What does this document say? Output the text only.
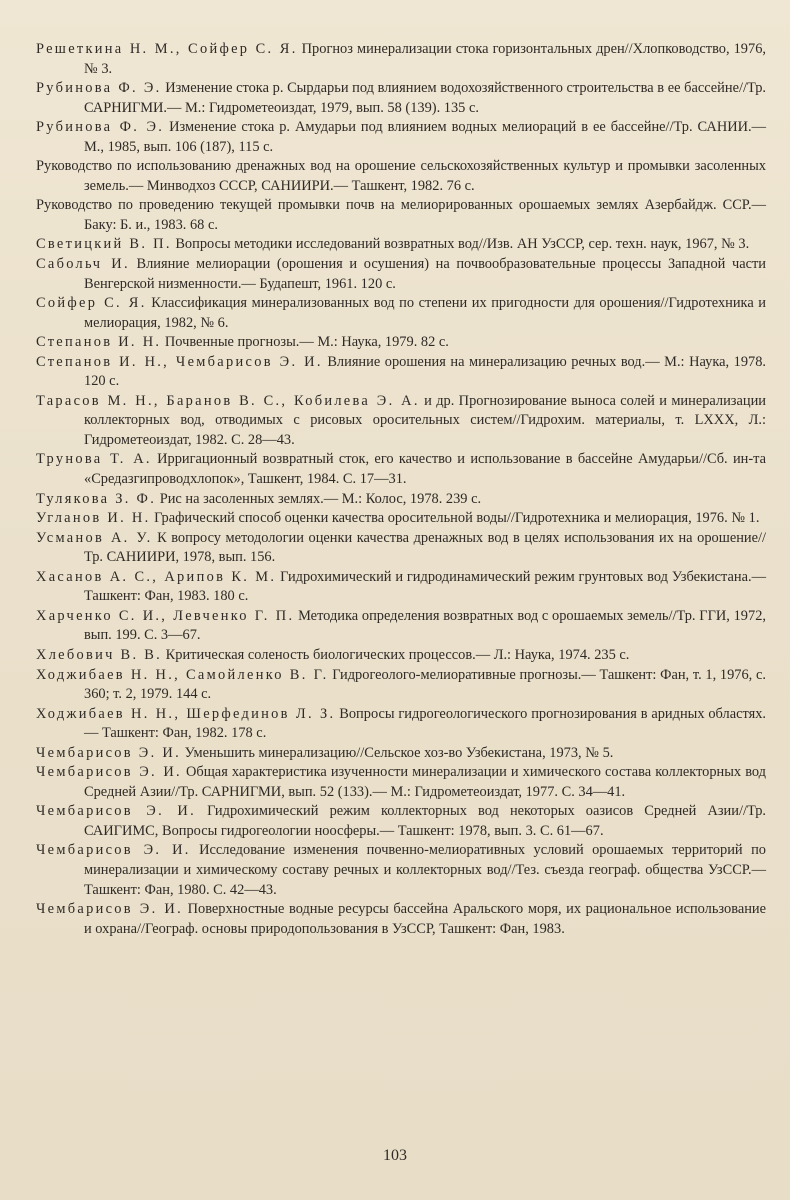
Решеткина Н. М., Сойфер С. Я. Прогноз минерализации стока горизонтальных дрен//Хлопководство, 1976, № 3.
Рубинова Ф. Э. Изменение стока р. Сырдарьи под влиянием водохозяйственного строительства в ее бассейне//Тр. САРНИГМИ.— М.: Гидрометеоиздат, 1979, вып. 58 (139). 135 с.
Рубинова Ф. Э. Изменение стока р. Амударьи под влиянием водных мелиораций в ее бассейне//Тр. САНИИ.— М., 1985, вып. 106 (187), 115 с.
Руководство по использованию дренажных вод на орошение сельскохозяйственных культур и промывки засоленных земель.— Минводхоз СССР, САНИИРИ.— Ташкент, 1982. 76 с.
Руководство по проведению текущей промывки почв на мелиорированных орошаемых землях Азербайдж. ССР.— Баку: Б. и., 1983. 68 с.
Светицкий В. П. Вопросы методики исследований возвратных вод//Изв. АН УзССР, сер. техн. наук, 1967, № 3.
Сабольч И. Влияние мелиорации (орошения и осушения) на почвообразовательные процессы Западной части Венгерской низменности.— Будапешт, 1961. 120 с.
Сойфер С. Я. Классификация минерализованных вод по степени их пригодности для орошения//Гидротехника и мелиорация, 1982, № 6.
Степанов И. Н. Почвенные прогнозы.— М.: Наука, 1979. 82 с.
Степанов И. Н., Чембарисов Э. И. Влияние орошения на минерализацию речных вод.— М.: Наука, 1978. 120 с.
Тарасов М. Н., Баранов В. С., Кобилева Э. А. и др. Прогнозирование выноса солей и минерализации коллекторных вод, отводимых с рисовых оросительных систем//Гидрохим. материалы, т. LXXX, Л.: Гидрометеоиздат, 1982. С. 28—43.
Трунова Т. А. Ирригационный возвратный сток, его качество и использование в бассейне Амударьи//Сб. ин-та «Средазгипроводхлопок», Ташкент, 1984. С. 17—31.
Тулякова З. Ф. Рис на засоленных землях.— М.: Колос, 1978. 239 с.
Угланов И. Н. Графический способ оценки качества оросительной воды//Гидротехника и мелиорация, 1976. № 1.
Усманов А. У. К вопросу методологии оценки качества дренажных вод в целях использования их на орошение//Тр. САНИИРИ, 1978, вып. 156.
Хасанов А. С., Арипов К. М. Гидрохимический и гидродинамический режим грунтовых вод Узбекистана.— Ташкент: Фан, 1983. 180 с.
Харченко С. И., Левченко Г. П. Методика определения возвратных вод с орошаемых земель//Тр. ГГИ, 1972, вып. 199. С. 3—67.
Хлебович В. В. Критическая соленость биологических процессов.— Л.: Наука, 1974. 235 с.
Ходжибаев Н. Н., Самойленко В. Г. Гидрогеолого-мелиоративные прогнозы.— Ташкент: Фан, т. 1, 1976, с. 360; т. 2, 1979. 144 с.
Ходжибаев Н. Н., Шерфединов Л. З. Вопросы гидрогеологического прогнозирования в аридных областях.— Ташкент: Фан, 1982. 178 с.
Чембарисов Э. И. Уменьшить минерализацию//Сельское хоз-во Узбекистана, 1973, № 5.
Чембарисов Э. И. Общая характеристика изученности минерализации и химического состава коллекторных вод Средней Азии//Тр. САРНИГМИ, вып. 52 (133).— М.: Гидрометеоиздат, 1977. С. 34—41.
Чембарисов Э. И. Гидрохимический режим коллекторных вод некоторых оазисов Средней Азии//Тр. САИГИМС, Вопросы гидрогеологии ноосферы.— Ташкент: 1978, вып. 3. С. 61—67.
Чембарисов Э. И. Исследование изменения почвенно-мелиоративных условий орошаемых территорий по минерализации и химическому составу речных и коллекторных вод//Тез. съезда географ. общества УзССР.— Ташкент: Фан, 1980. С. 42—43.
Чембарисов Э. И. Поверхностные водные ресурсы бассейна Аральского моря, их рациональное использование и охрана//Географ. основы природопользования в УзССР, Ташкент: Фан, 1983.
103
